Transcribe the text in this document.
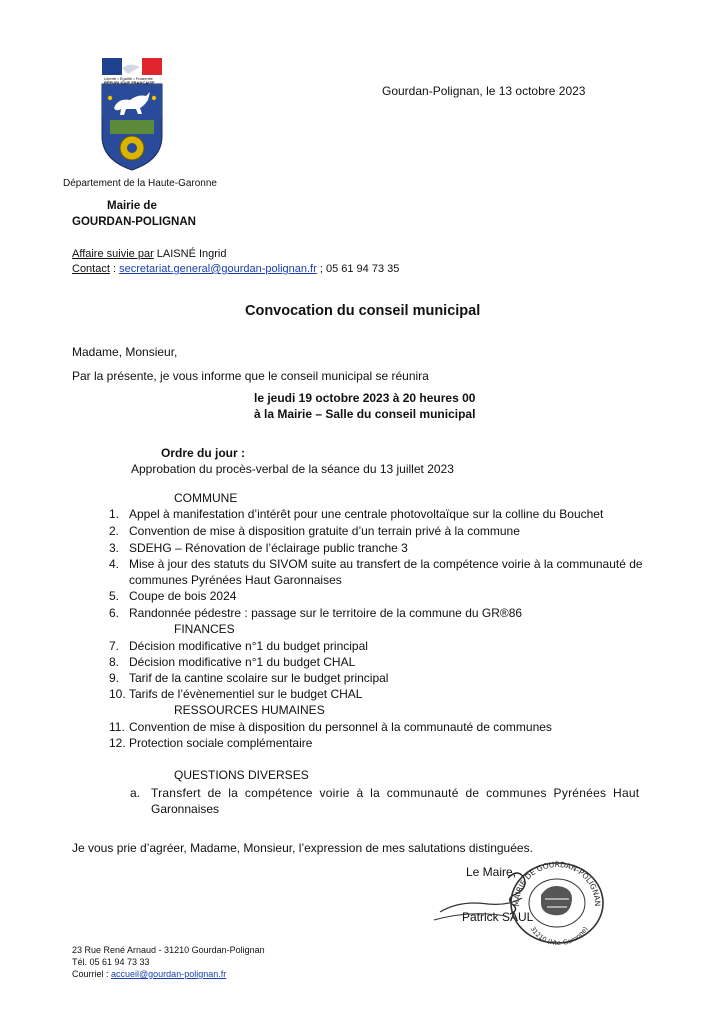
Liberté • Égalité • Fraternité
RÉPUBLIQUE FRANÇAISE
Gourdan-Polignan, le 13 octobre 2023
Département de la Haute-Garonne
Mairie de
GOURDAN-POLIGNAN
Affaire suivie par LAISNÉ Ingrid
Contact : secretariat.general@gourdan-polignan.fr ; 05 61 94 73 35
Convocation du conseil municipal
Madame, Monsieur,
Par la présente, je vous informe que le conseil municipal se réunira
le jeudi 19 octobre 2023 à 20 heures 00
à la Mairie – Salle du conseil municipal
Ordre du jour :
Approbation du procès-verbal de la séance du 13 juillet 2023
COMMUNE
1. Appel à manifestation d’intérêt pour une centrale photovoltaïque sur la colline du Bouchet
2. Convention de mise à disposition gratuite d’un terrain privé à la commune
3. SDEHG – Rénovation de l’éclairage public tranche 3
4. Mise à jour des statuts du SIVOM suite au transfert de la compétence voirie à la communauté de
communes Pyrénées Haut Garonnaises
5. Coupe de bois 2024
6. Randonnée pédestre : passage sur le territoire de la commune du GR®86
FINANCES
7. Décision modificative n°1 du budget principal
8. Décision modificative n°1 du budget CHAL
9. Tarif de la cantine scolaire sur le budget principal
10. Tarifs de l’évènementiel sur le budget CHAL
RESSOURCES HUMAINES
11. Convention de mise à disposition du personnel à la communauté de communes
12. Protection sociale complémentaire
QUESTIONS DIVERSES
a. Transfert de la compétence voirie à la communauté de communes Pyrénées Haut
Garonnaises
Je vous prie d’agréer, Madame, Monsieur, l’expression de mes salutations distinguées.
Le Maire,
Patrick SAUL
MAIRIE DE GOURDAN-POLIGNAN
31210 (Hte-Garonne)
23 Rue René Arnaud - 31210 Gourdan-Polignan
Tél. 05 61 94 73 33
Courriel : accueil@gourdan-polignan.fr
